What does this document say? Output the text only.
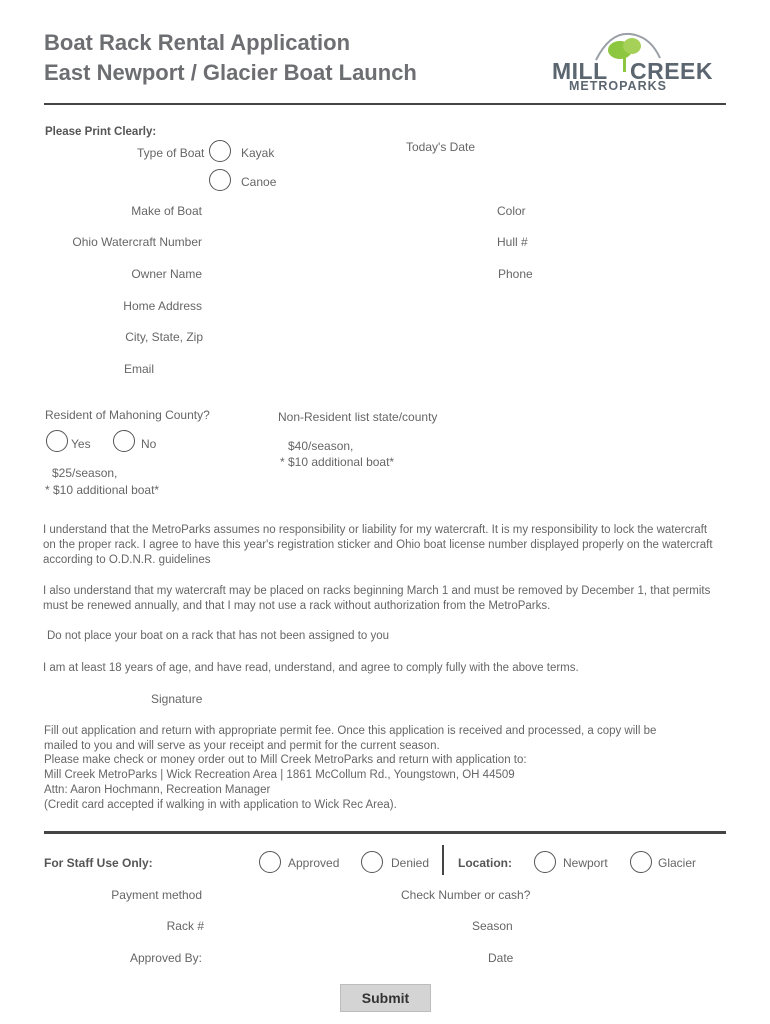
Boat Rack Rental Application
East Newport / Glacier Boat Launch	MILL CREEK
METROPARKS
Please Print Clearly:
Type of Boat	Kayak
Canoe
Today's Date
Make of Boat	Color
Ohio Watercraft Number	Hull #
Owner Name	Phone
Home Address
City, State, Zip
Email
Resident of Mahoning County?
Yes	No
$25/season,
* $10 additional boat*
Non-Resident list state/county
$40/season,
* $10 additional boat*
I understand that the MetroParks assumes no responsibility or liability for my watercraft. It is my responsibility to lock the watercraft on the proper rack. I agree to have this year's registration sticker and Ohio boat license number displayed properly on the watercraft according to O.D.N.R. guidelines
I also understand that my watercraft may be placed on racks beginning March 1 and must be removed by December 1, that permits must be renewed annually, and that I may not use a rack without authorization from the MetroParks.
Do not place your boat on a rack that has not been assigned to you
I am at least 18 years of age, and have read, understand, and agree to comply fully with the above terms.
Signature
Fill out application and return with appropriate permit fee. Once this application is received and processed, a copy will be
mailed to you and will serve as your receipt and permit for the current season.
Please make check or money order out to Mill Creek MetroParks and return with application to:
Mill Creek MetroParks | Wick Recreation Area | 1861 McCollum Rd., Youngstown, OH 44509
Attn: Aaron Hochmann, Recreation Manager
(Credit card accepted if walking in with application to Wick Rec Area).
For Staff Use Only:	Approved	Denied Location:	Newport	Glacier
Payment method	Check Number or cash?
Rack #	Season
Approved By:	Date
Submit
